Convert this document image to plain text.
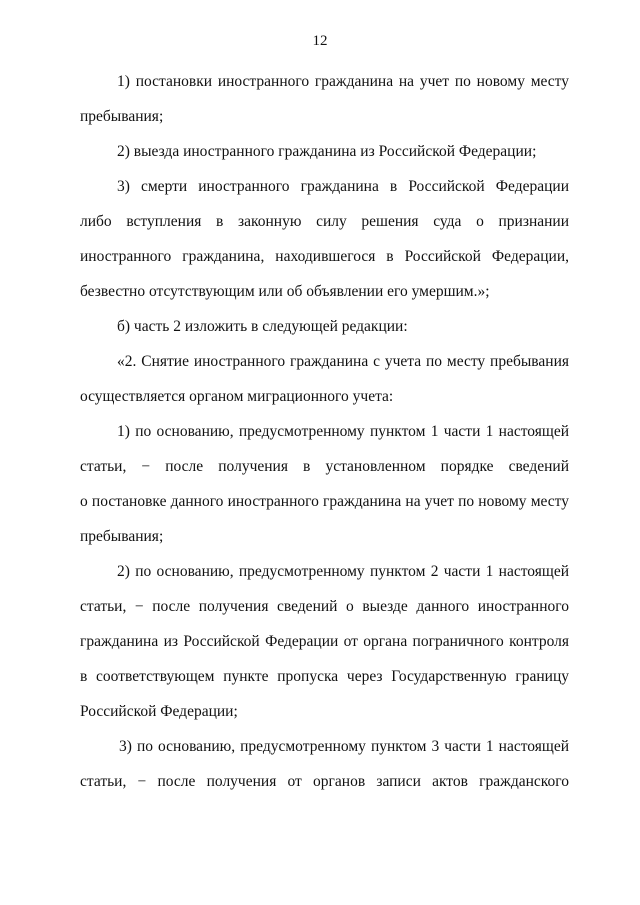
12
1) постановки иностранного гражданина на учет по новому месту
пребывания;
2) выезда иностранного гражданина из Российской Федерации;
3) смерти иностранного гражданина в Российской Федерации
либо вступления в законную силу решения суда о признании
иностранного гражданина, находившегося в Российской Федерации,
безвестно отсутствующим или об объявлении его умершим.»;
б) часть 2 изложить в следующей редакции:
«2. Снятие иностранного гражданина с учета по месту пребывания
осуществляется органом миграционного учета:
1) по основанию, предусмотренному пунктом 1 части 1 настоящей
статьи, − после получения в установленном порядке сведений
о постановке данного иностранного гражданина на учет по новому месту
пребывания;
2) по основанию, предусмотренному пунктом 2 части 1 настоящей
статьи, − после получения сведений о выезде данного иностранного
гражданина из Российской Федерации от органа пограничного контроля
в соответствующем пункте пропуска через Государственную границу
Российской Федерации;
3) по основанию, предусмотренному пунктом 3 части 1 настоящей
статьи, − после получения от органов записи актов гражданского
